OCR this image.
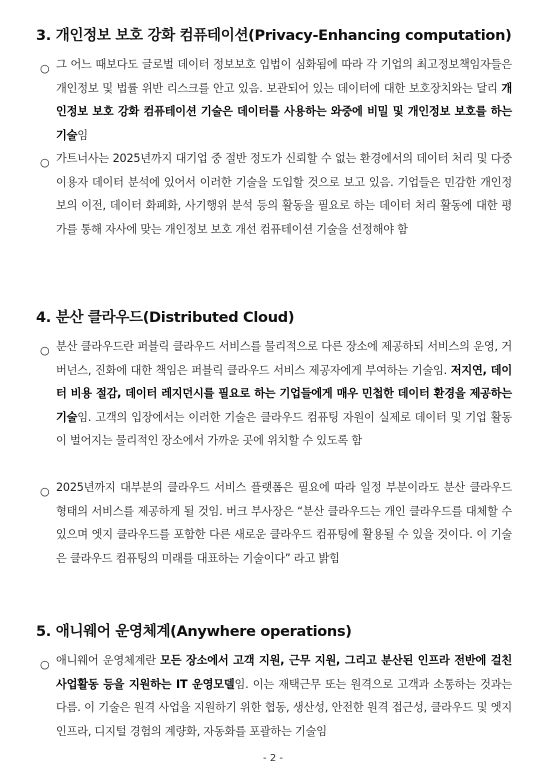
3. 개인정보 보호 강화 컴퓨테이션(Privacy-Enhancing computation)
○ 그 어느 때보다도 글로벌 데이터 정보보호 입법이 심화됨에 따라 각 기업의 최고정보책임자들은 개인정보 및 법률 위반 리스크를 안고 있음. 보관되어 있는 데이터에 대한 보호장치와는 달리 개인정보 보호 강화 컴퓨테이션 기술은 데이터를 사용하는 와중에 비밀 및 개인정보 보호를 하는 기술임

○ 가트너사는 2025년까지 대기업 중 절반 정도가 신뢰할 수 없는 환경에서의 데이터 처리 및 다중이용자 데이터 분석에 있어서 이러한 기술을 도입할 것으로 보고 있음. 기업들은 민감한 개인정보의 이전, 데이터 화폐화, 사기행위 분석 등의 활동을 필요로 하는 데이터 처리 활동에 대한 평가를 통해 자사에 맞는 개인정보 보호 개선 컴퓨테이션 기술을 선정해야 함

4. 분산 클라우드(Distributed Cloud)
○ 분산 클라우드란 퍼블릭 클라우드 서비스를 물리적으로 다른 장소에 제공하되 서비스의 운영, 거버넌스, 진화에 대한 책임은 퍼블릭 클라우드 서비스 제공자에게 부여하는 기술임. 저지연, 데이터 비용 절감, 데이터 레지던시를 필요로 하는 기업들에게 매우 민첩한 데이터 환경을 제공하는 기술임. 고객의 입장에서는 이러한 기술은 클라우드 컴퓨팅 자원이 실제로 데이터 및 기업 활동이 벌어지는 물리적인 장소에서 가까운 곳에 위치할 수 있도록 함

○ 2025년까지 대부분의 클라우드 서비스 플랫폼은 필요에 따라 일정 부분이라도 분산 클라우드 형태의 서비스를 제공하게 될 것임. 버크 부사장은 “분산 클라우드는 개인 클라우드를 대체할 수 있으며 엣지 클라우드를 포함한 다른 새로운 클라우드 컴퓨팅에 활용될 수 있을 것이다. 이 기술은 클라우드 컴퓨팅의 미래를 대표하는 기술이다” 라고 밝힘

5. 애니웨어 운영체계(Anywhere operations)
○ 애니웨어 운영체계란 모든 장소에서 고객 지원, 근무 지원, 그리고 분산된 인프라 전반에 걸친 사업활동 등을 지원하는 IT 운영모델임. 이는 재택근무 또는 원격으로 고객과 소통하는 것과는 다름. 이 기술은 원격 사업을 지원하기 위한 협동, 생산성, 안전한 원격 접근성, 클라우드 및 엣지 인프라, 디지털 경험의 계량화, 자동화를 포괄하는 기술임

- 2 -
